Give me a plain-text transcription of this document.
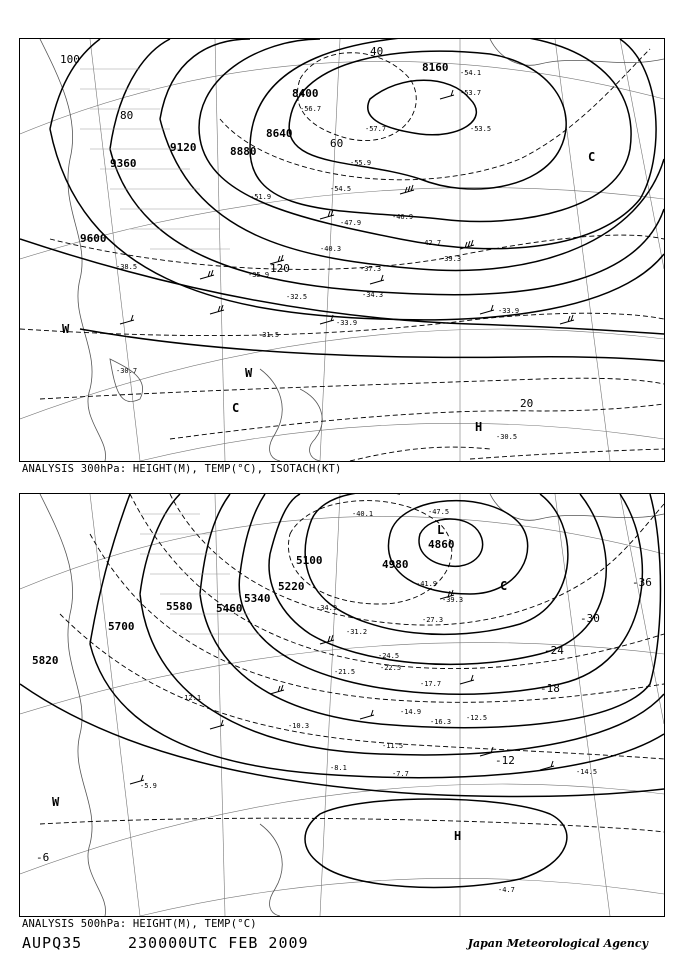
8160
8400
8640
8880
9120
9360
9600
100
80
60
40
20
120
W
W
C
C
H
-54.1
-53.7
-57.7	-53.5
-55.9
-54.5
-47.9
-46.9
-42.7
-40.3
-37.3
-39.3
-34.3
-33.9
-35.9
-31.5
-30.7
-30.5
-33.9
-32.5
-38.5
-56.7
-51.9
ANALYSIS 300hPa: HEIGHT(M), TEMP(°C), ISOTACH(KT)
4860
4980
5100
5220
5340
5460
5580
5700
5820
-36
-30
-24
-18
-12
-6
L
C
W
H
-47.5
-40.1
-41.9
-34.9
-31.2
-24.5
-21.5
-17.7
-14.9
-11.5
-10.3
-12.1
-8.1
-7.7	-14.5
-5.9
-4.7
-39.3
-27.3
-22.5
-16.3 -12.5
ANALYSIS 500hPa: HEIGHT(M), TEMP(°C)
AUPQ35	230000UTC FEB 2009	Japan Meteorological Agency
